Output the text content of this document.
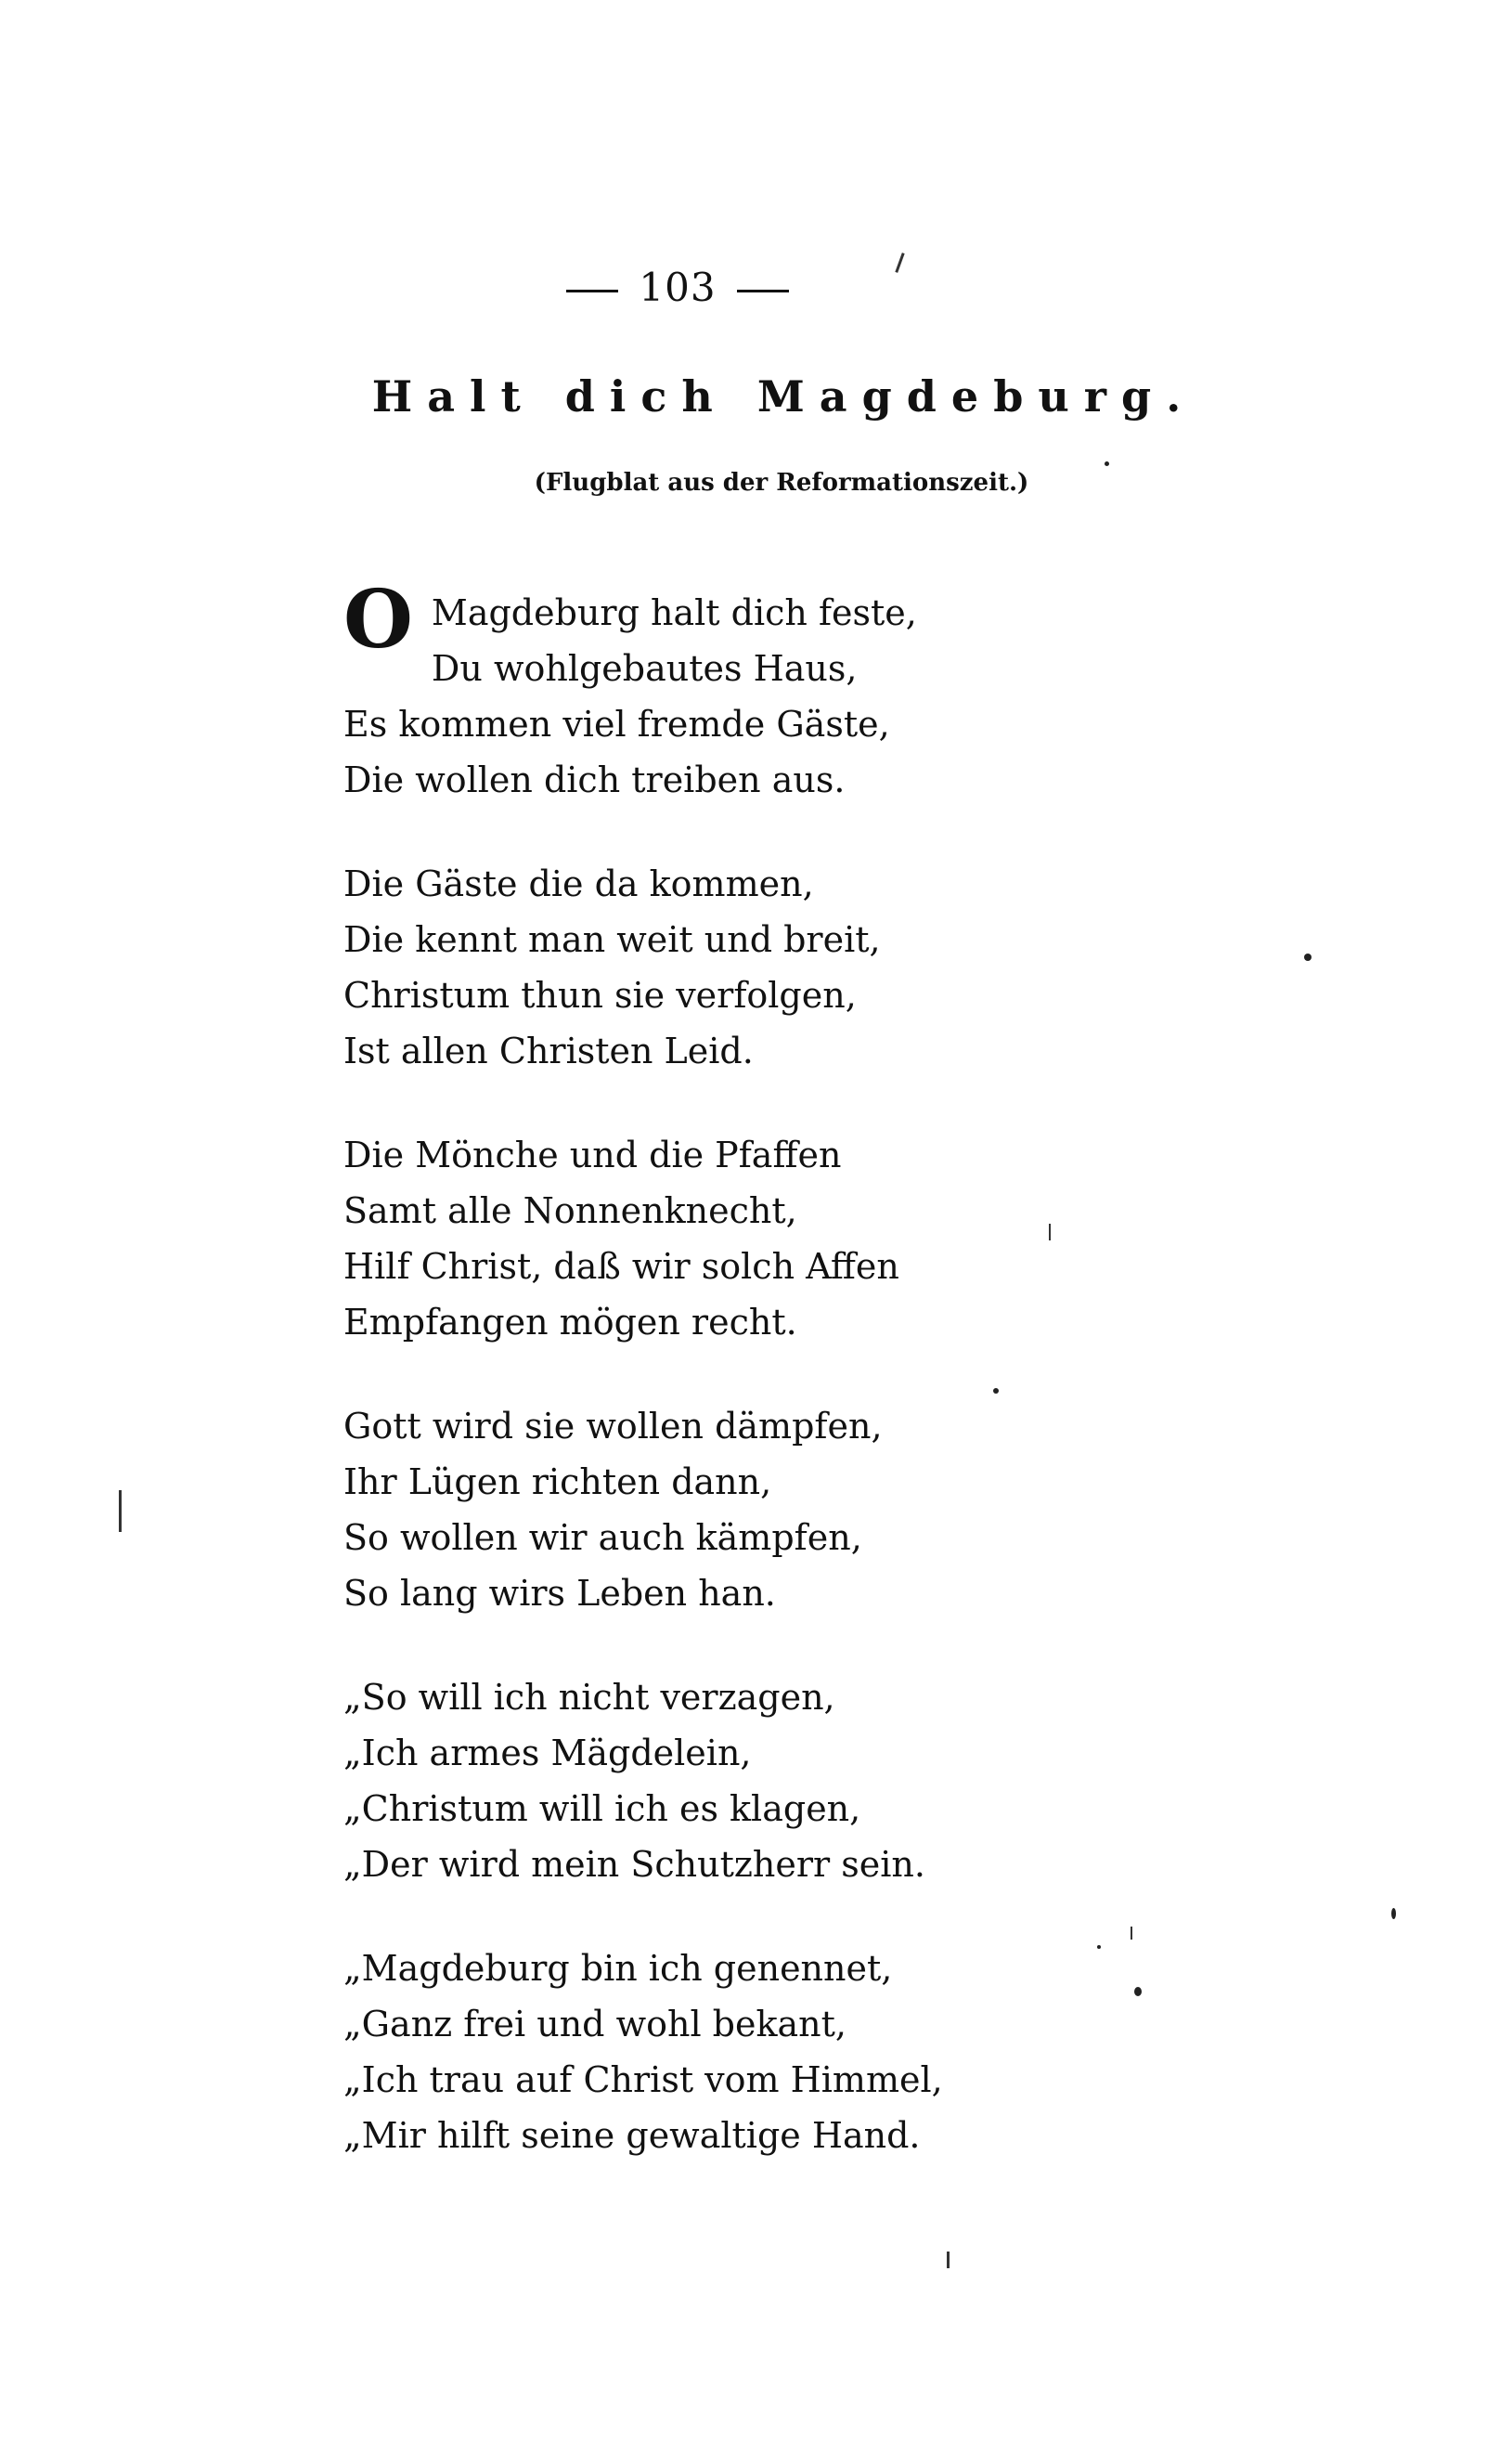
103
Halt dich Magdeburg.
(Flugblat aus der Reformationszeit.)
O Magdeburg halt dich feste,
Du wohlgebautes Haus,
Es kommen viel fremde Gäste,
Die wollen dich treiben aus.
Die Gäste die da kommen,
Die kennt man weit und breit,
Christum thun sie verfolgen,
Ist allen Christen Leid.
Die Mönche und die Pfaffen
Samt alle Nonnenknecht,
Hilf Christ, daß wir solch Affen
Empfangen mögen recht.
Gott wird sie wollen dämpfen,
Ihr Lügen richten dann,
So wollen wir auch kämpfen,
So lang wirs Leben han.
„So will ich nicht verzagen,
„Ich armes Mägdelein,
„Christum will ich es klagen,
„Der wird mein Schutzherr sein.
„Magdeburg bin ich genennet,
„Ganz frei und wohl bekant,
„Ich trau auf Christ vom Himmel,
„Mir hilft seine gewaltige Hand.
